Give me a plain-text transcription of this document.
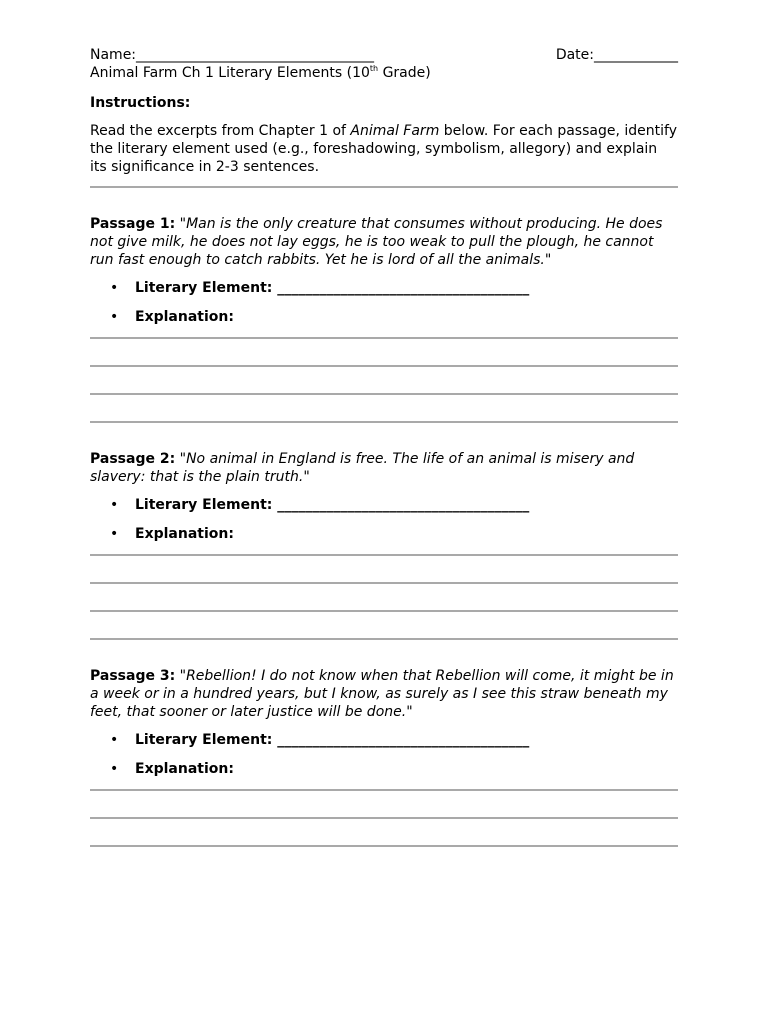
Name:__________________________________	Date:____________
Animal Farm Ch 1 Literary Elements (10th Grade)
Instructions:
Read the excerpts from Chapter 1 of Animal Farm below. For each passage, identify the literary element used (e.g., foreshadowing, symbolism, allegory) and explain its significance in 2-3 sentences.
Passage 1: "Man is the only creature that consumes without producing. He does not give milk, he does not lay eggs, he is too weak to pull the plough, he cannot run fast enough to catch rabbits. Yet he is lord of all the animals."
• Literary Element: ____________________________________
• Explanation:
Passage 2: "No animal in England is free. The life of an animal is misery and slavery: that is the plain truth."
• Literary Element: ____________________________________
• Explanation:
Passage 3: "Rebellion! I do not know when that Rebellion will come, it might be in a week or in a hundred years, but I know, as surely as I see this straw beneath my feet, that sooner or later justice will be done."
• Literary Element: ____________________________________
• Explanation:
